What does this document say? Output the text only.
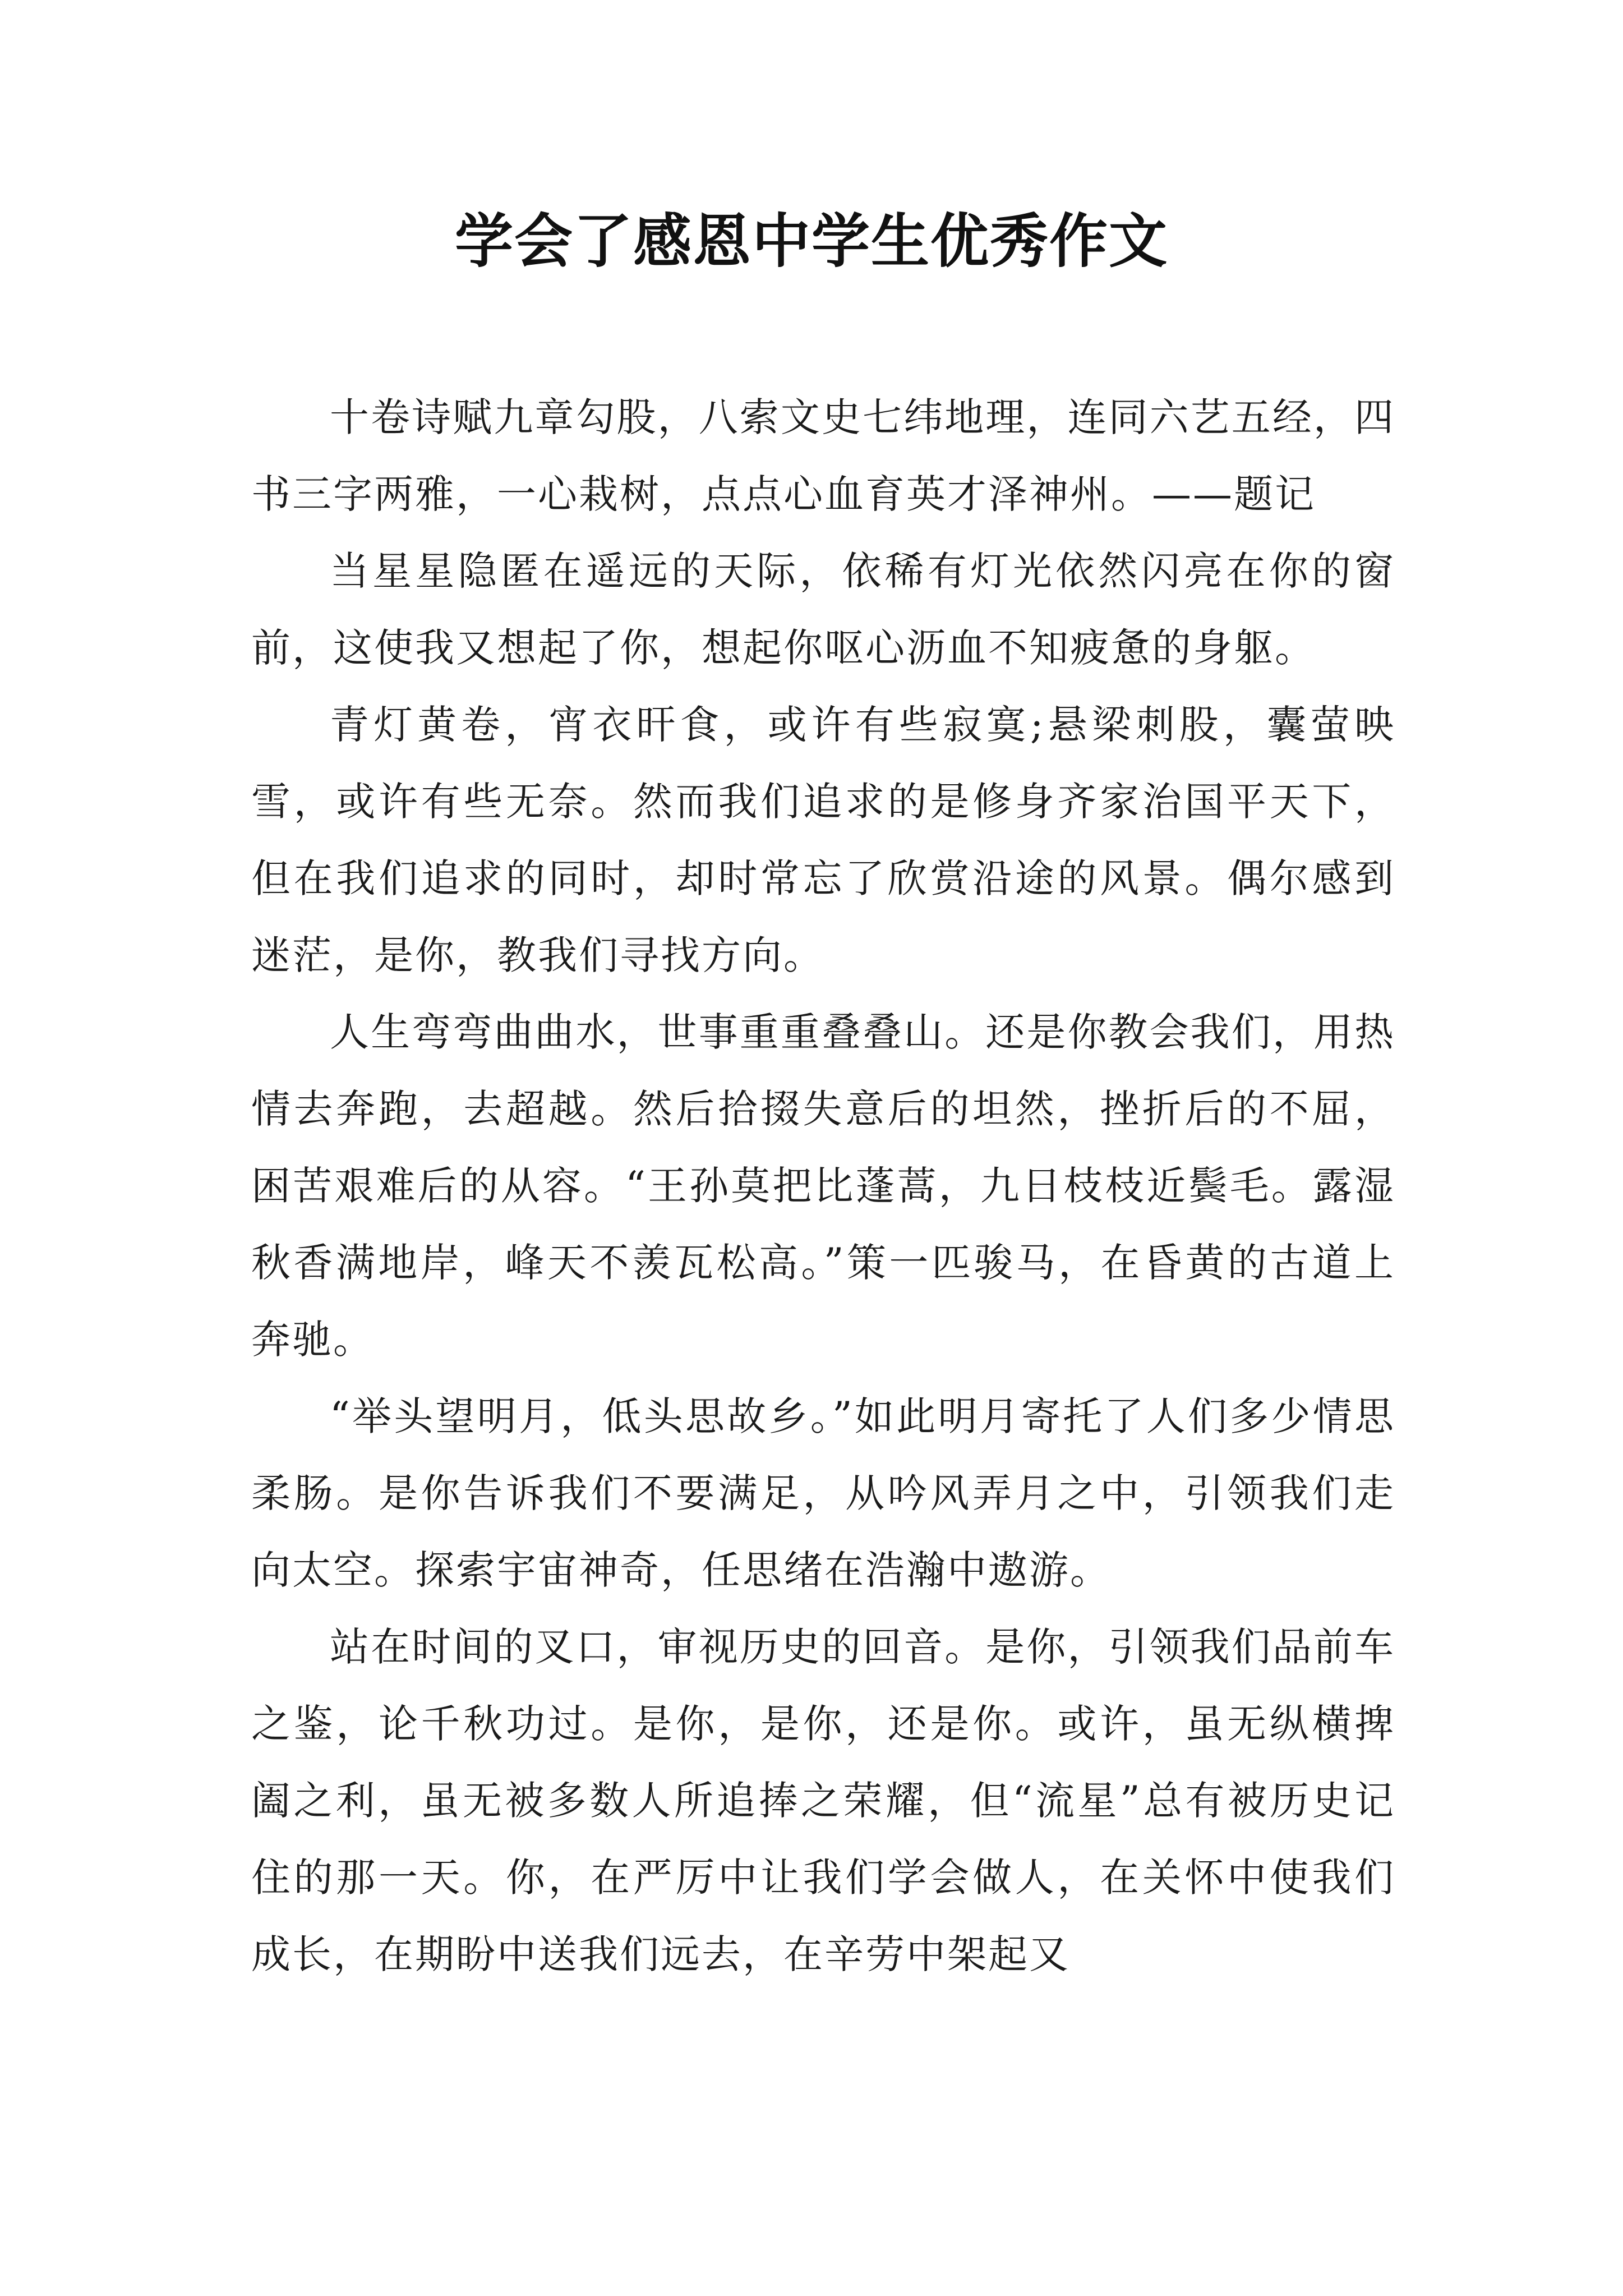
学会了感恩中学生优秀作文

十卷诗赋九章勾股，八索文史七纬地理，连同六艺五经，四书三字两雅，一心栽树，点点心血育英才泽神州。——题记

当星星隐匿在遥远的天际，依稀有灯光依然闪亮在你的窗前，这使我又想起了你，想起你呕心沥血不知疲惫的身躯。

青灯黄卷，宵衣旰食，或许有些寂寞;悬梁刺股，囊萤映雪，或许有些无奈。然而我们追求的是修身齐家治国平天下，但在我们追求的同时，却时常忘了欣赏沿途的风景。偶尔感到迷茫，是你，教我们寻找方向。

人生弯弯曲曲水，世事重重叠叠山。还是你教会我们，用热情去奔跑，去超越。然后拾掇失意后的坦然，挫折后的不屈，困苦艰难后的从容。“王孙莫把比蓬蒿，九日枝枝近鬓毛。露湿秋香满地岸，峰天不羡瓦松高。”策一匹骏马，在昏黄的古道上奔驰。

“举头望明月，低头思故乡。”如此明月寄托了人们多少情思柔肠。是你告诉我们不要满足，从吟风弄月之中，引领我们走向太空。探索宇宙神奇，任思绪在浩瀚中遨游。

站在时间的叉口，审视历史的回音。是你，引领我们品前车之鉴，论千秋功过。是你，是你，还是你。或许，虽无纵横捭阖之利，虽无被多数人所追捧之荣耀，但“流星”总有被历史记住的那一天。你，在严厉中让我们学会做人，在关怀中使我们成长，在期盼中送我们远去，在辛劳中架起又
